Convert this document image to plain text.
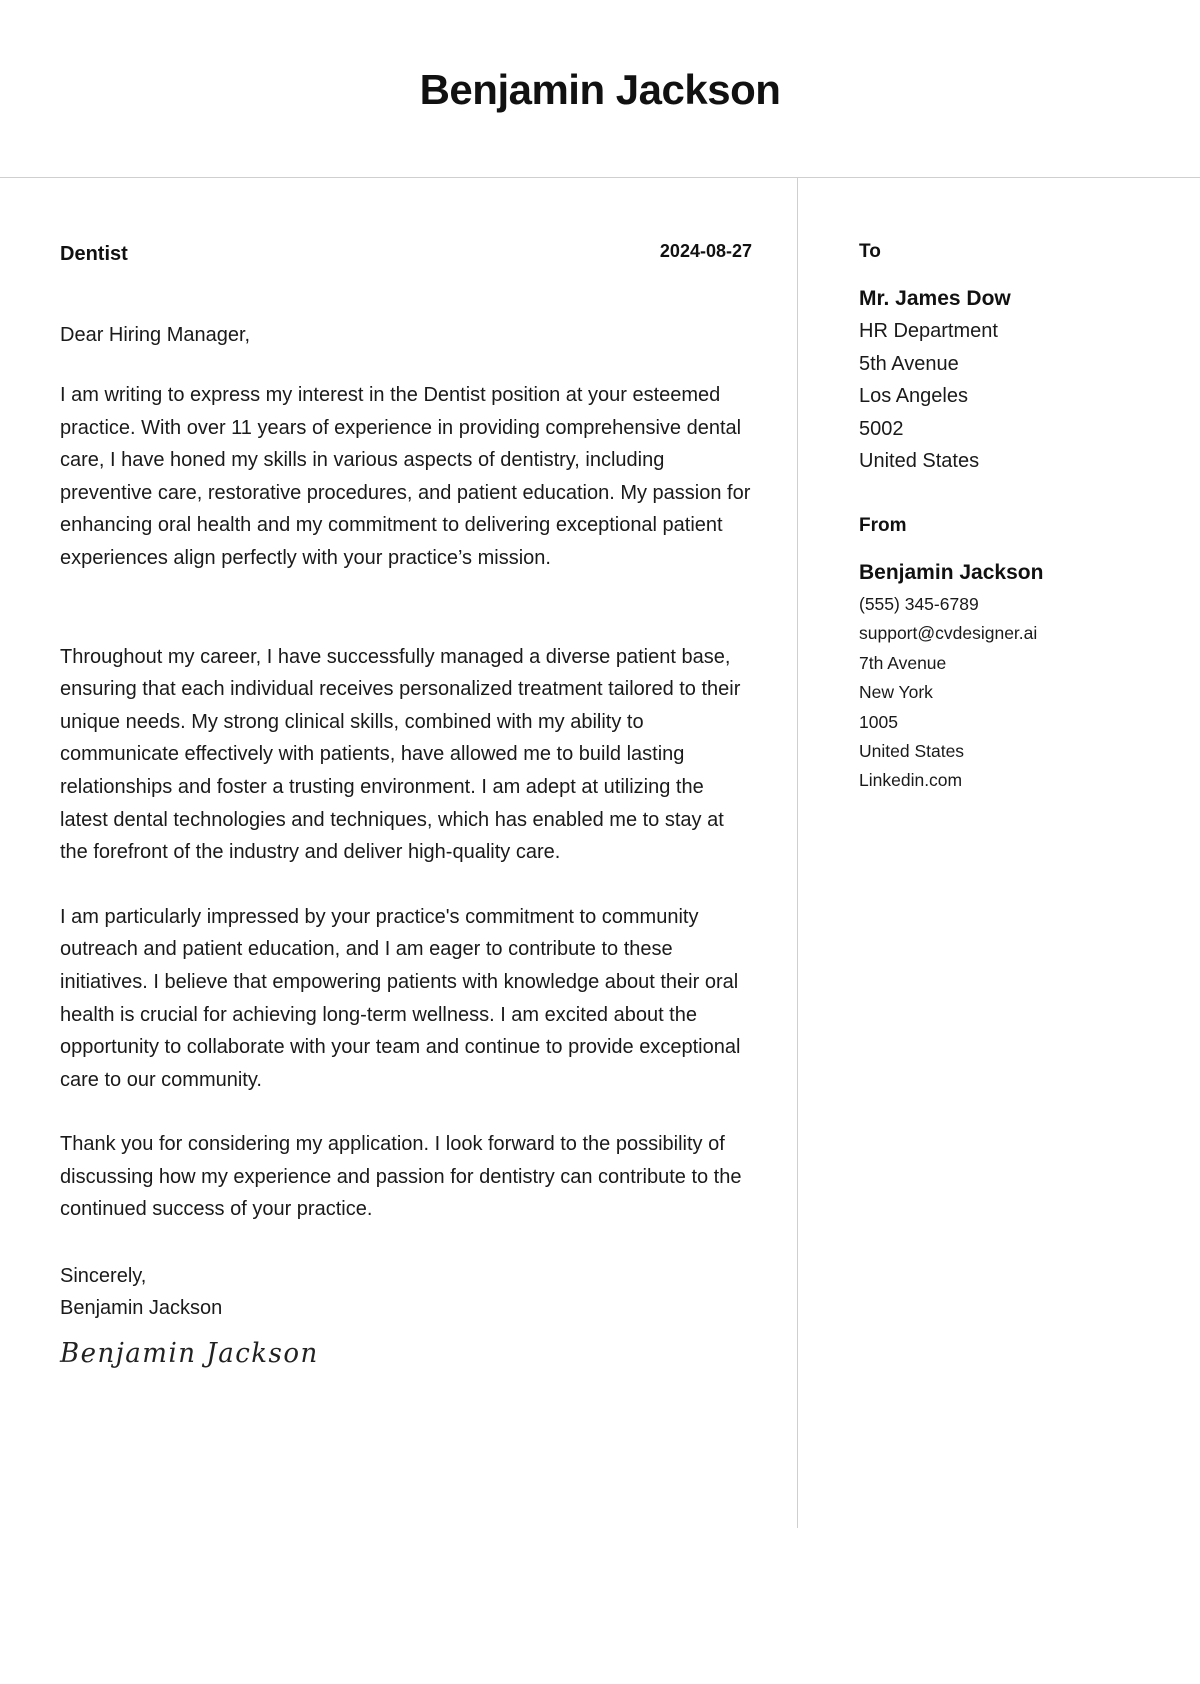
Benjamin Jackson
Dentist	2024-08-27
Dear Hiring Manager,

I am writing to express my interest in the Dentist position at your esteemed practice. With over 11 years of experience in providing comprehensive dental care, I have honed my skills in various aspects of dentistry, including preventive care, restorative procedures, and patient education. My passion for enhancing oral health and my commitment to delivering exceptional patient experiences align perfectly with your practice’s mission.

Throughout my career, I have successfully managed a diverse patient base, ensuring that each individual receives personalized treatment tailored to their unique needs. My strong clinical skills, combined with my ability to communicate effectively with patients, have allowed me to build lasting relationships and foster a trusting environment. I am adept at utilizing the latest dental technologies and techniques, which has enabled me to stay at the forefront of the industry and deliver high-quality care.

I am particularly impressed by your practice's commitment to community outreach and patient education, and I am eager to contribute to these initiatives. I believe that empowering patients with knowledge about their oral health is crucial for achieving long-term wellness. I am excited about the opportunity to collaborate with your team and continue to provide exceptional care to our community.

Thank you for considering my application. I look forward to the possibility of discussing how my experience and passion for dentistry can contribute to the continued success of your practice.

Sincerely,
Benjamin Jackson
Benjamin Jackson
To
Mr. James Dow
HR Department
5th Avenue
Los Angeles
5002
United States
From
Benjamin Jackson
(555) 345-6789
support@cvdesigner.ai
7th Avenue
New York
1005
United States
Linkedin.com
